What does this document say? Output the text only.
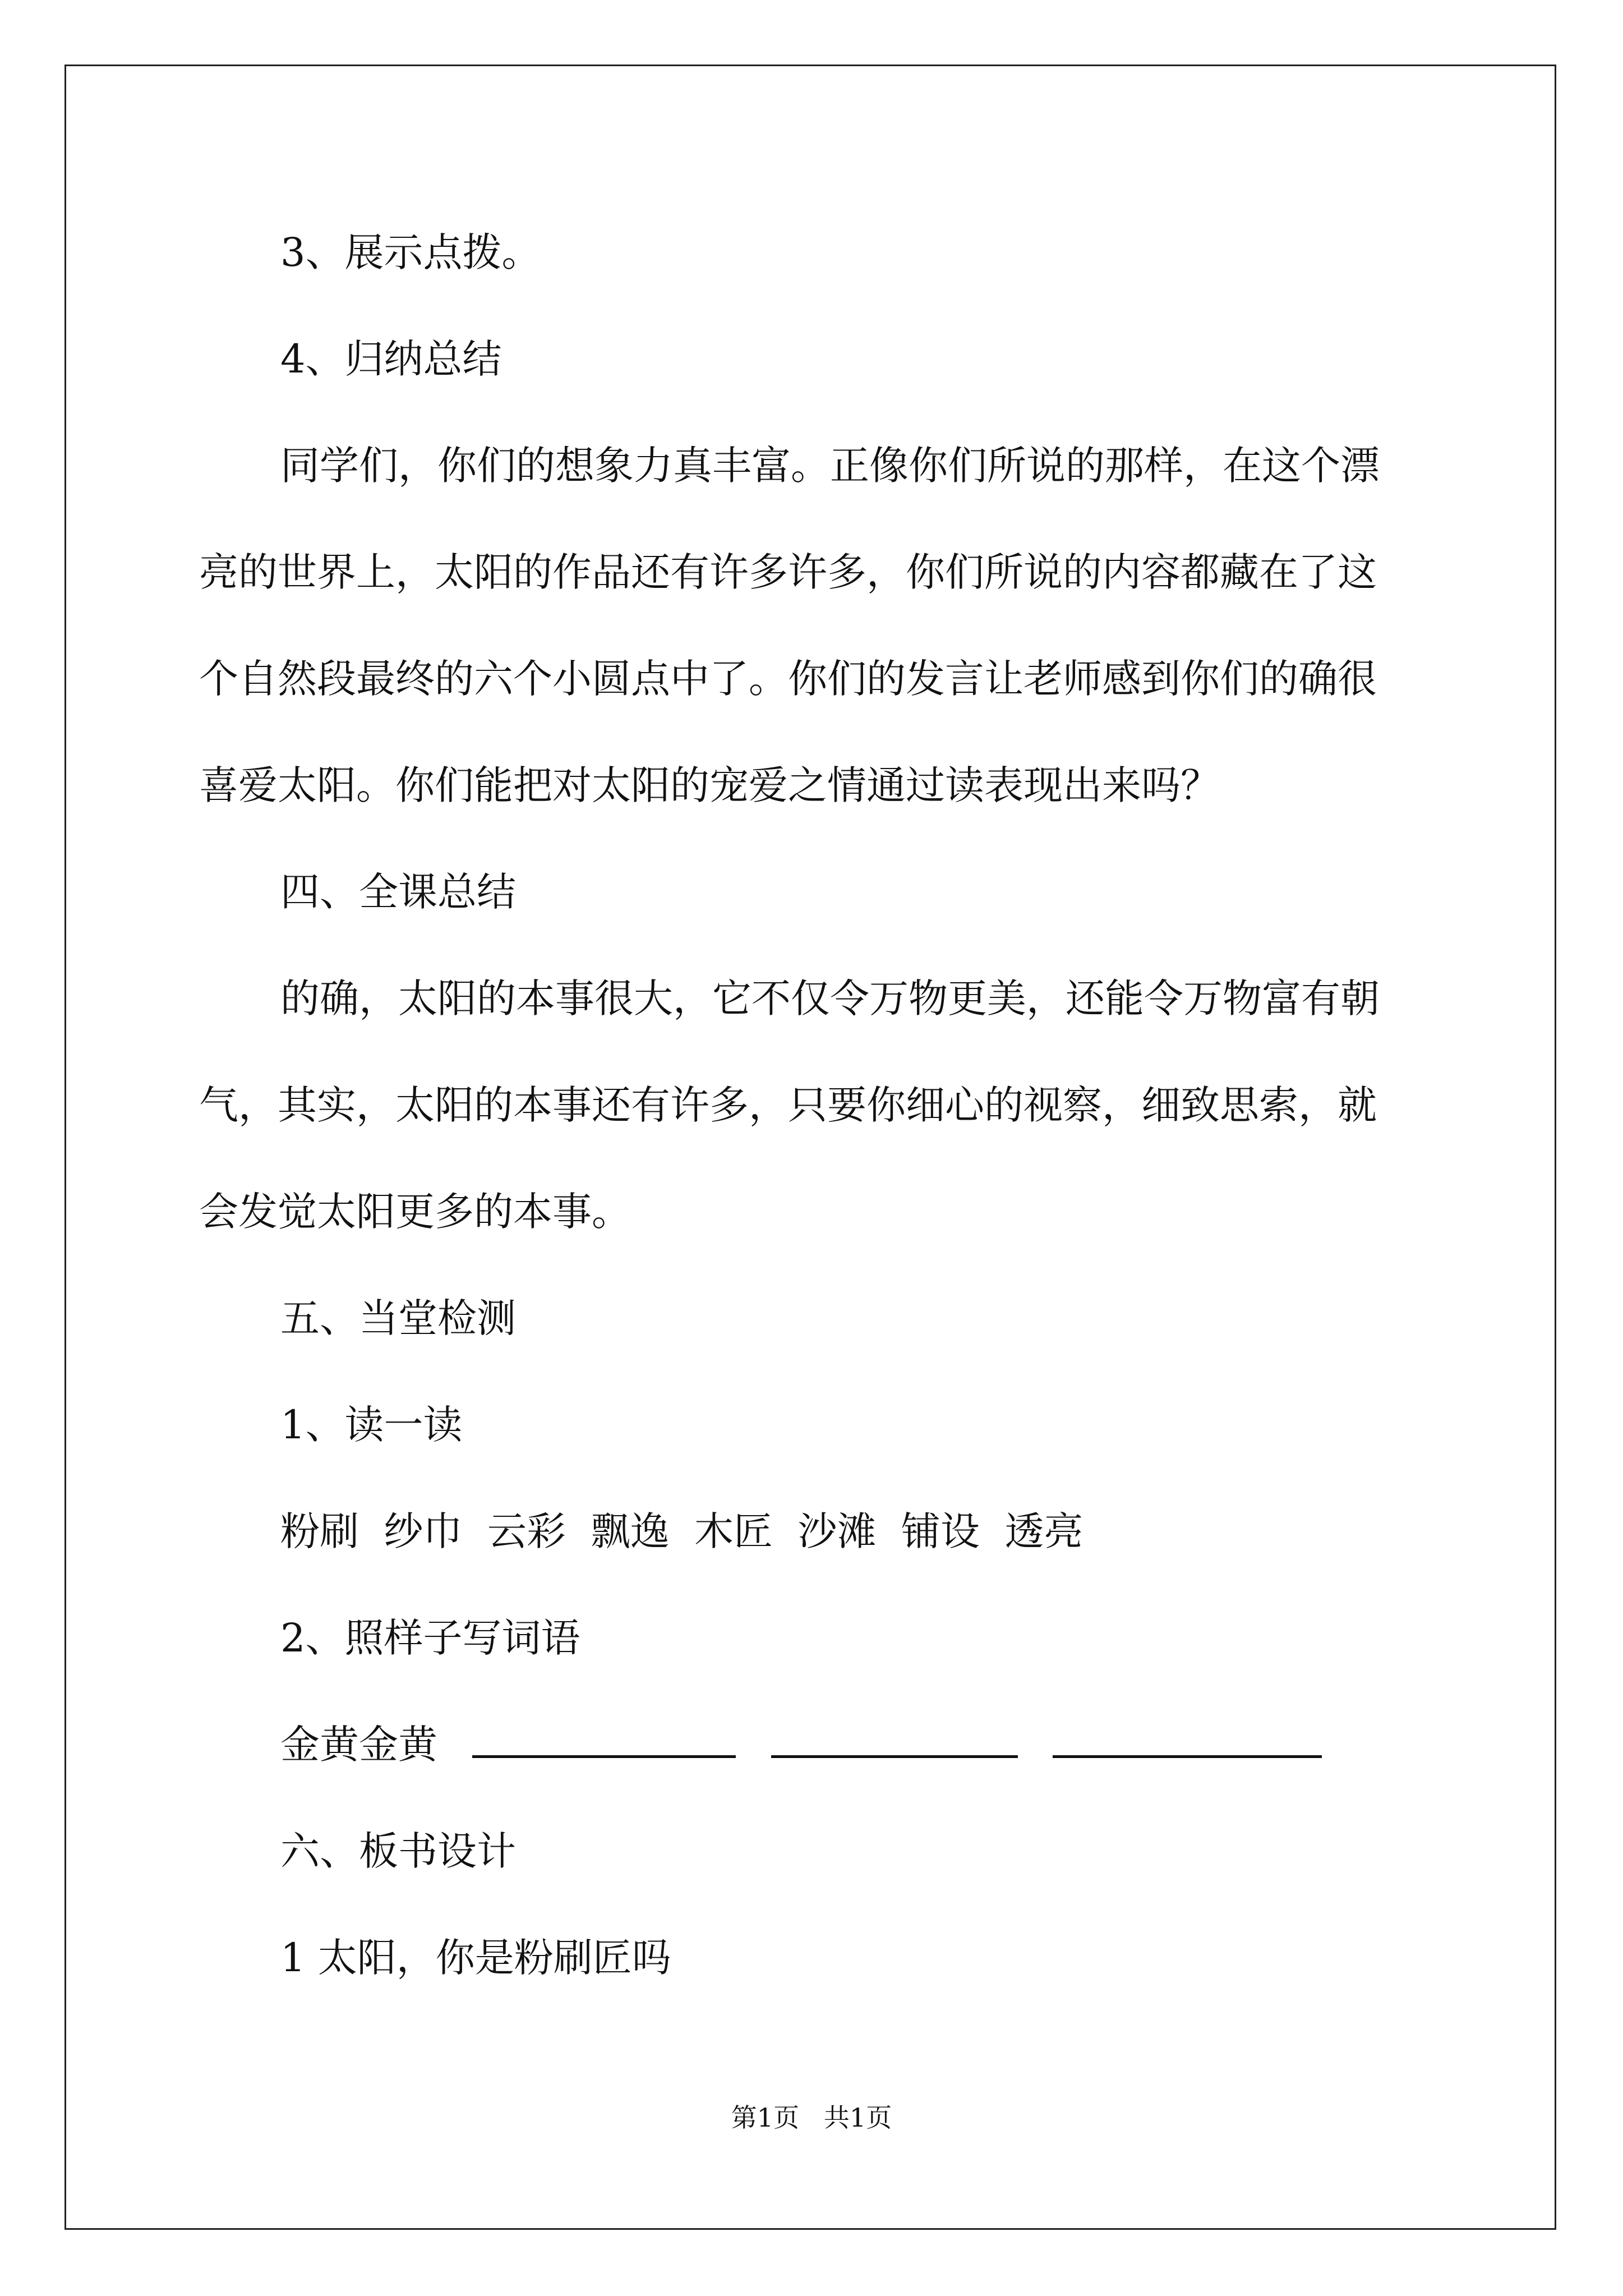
3、展示点拨。
4、归纳总结
同学们，你们的想象力真丰富。正像你们所说的那样，在这个漂
亮的世界上，太阳的作品还有许多许多，你们所说的内容都藏在了这
个自然段最终的六个小圆点中了。你们的发言让老师感到你们的确很
喜爱太阳。你们能把对太阳的宠爱之情通过读表现出来吗？
四、全课总结
的确，太阳的本事很大，它不仅令万物更美，还能令万物富有朝
气，其实，太阳的本事还有许多，只要你细心的视察，细致思索，就
会发觉太阳更多的本事。
五、当堂检测
1、读一读
粉刷  纱巾  云彩  飘逸  木匠  沙滩  铺设  透亮
2、照样子写词语
金黄金黄
六、板书设计
1 太阳，你是粉刷匠吗
第1页   共1页
